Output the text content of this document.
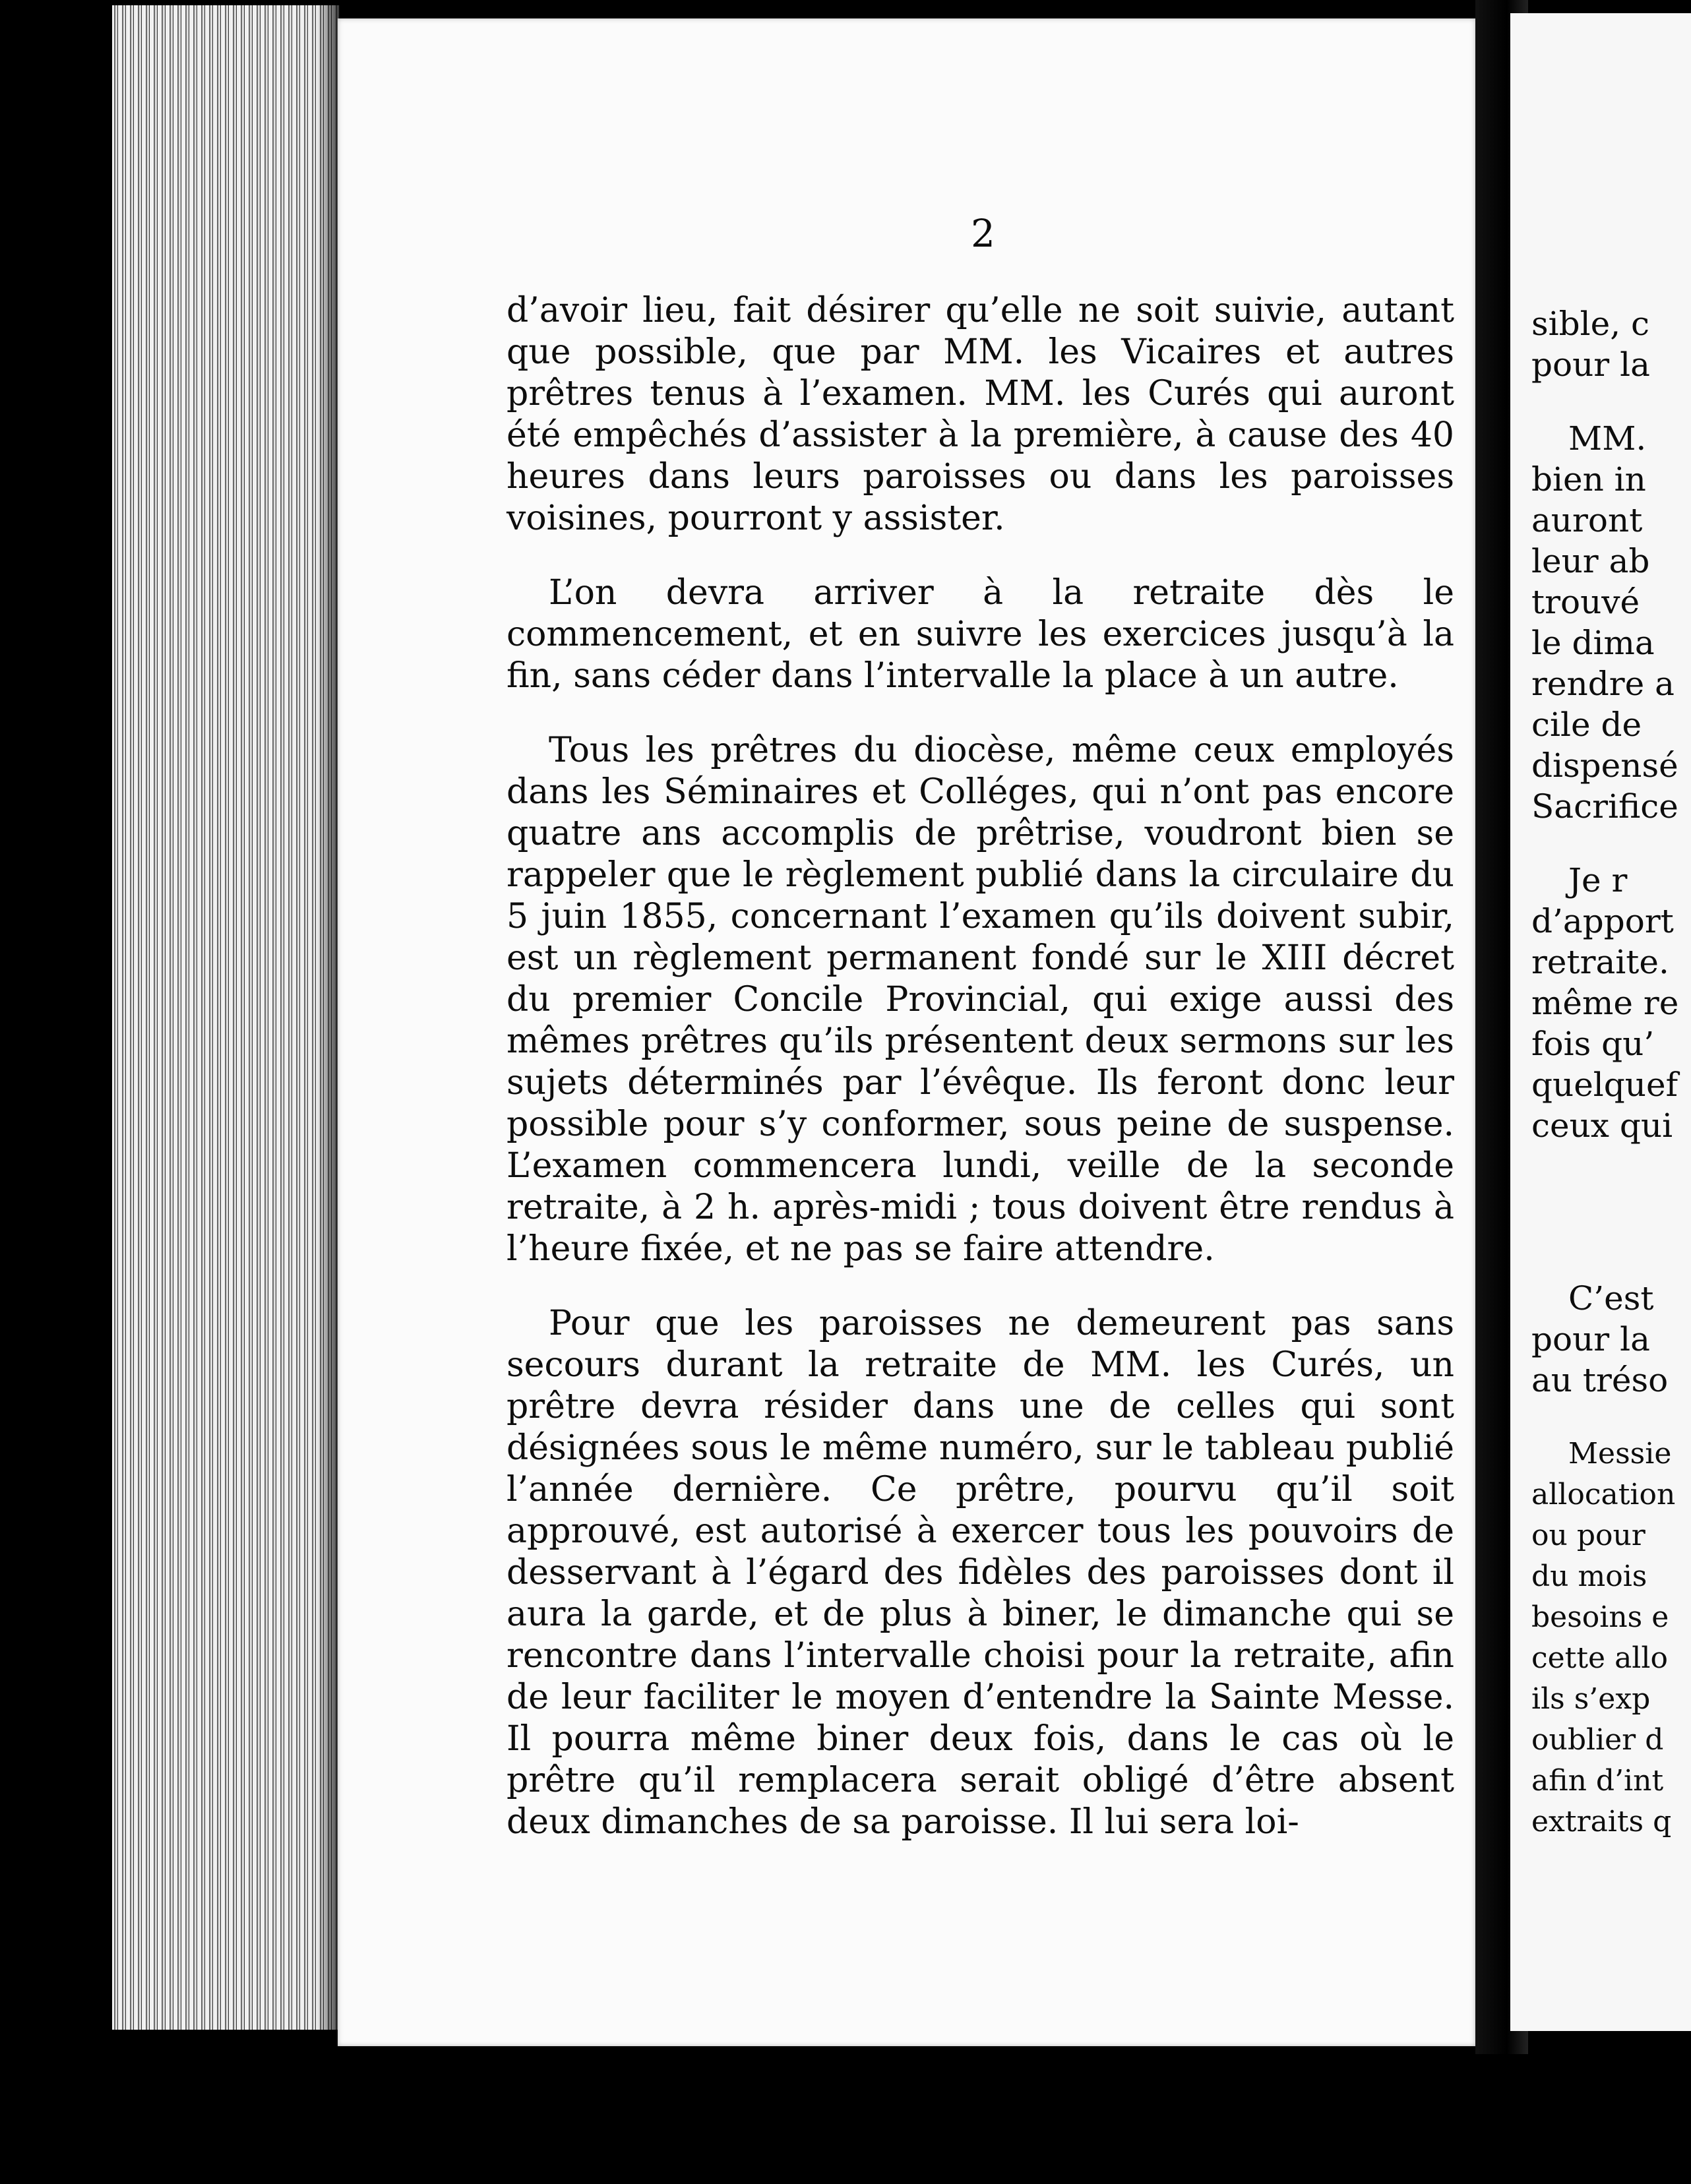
2

d’avoir lieu, fait désirer qu’elle ne soit suivie, autant que possible, que par MM. les Vicaires et autres prêtres tenus à l’examen. MM. les Curés qui auront été empêchés d’assister à la première, à cause des 40 heures dans leurs paroisses ou dans les paroisses voisines, pourront y assister.

L’on devra arriver à la retraite dès le commencement, et en suivre les exercices jusqu’à la fin, sans céder dans l’intervalle la place à un autre.

Tous les prêtres du diocèse, même ceux employés dans les Séminaires et Colléges, qui n’ont pas encore quatre ans accomplis de prêtrise, voudront bien se rappeler que le règlement publié dans la circulaire du 5 juin 1855, concernant l’examen qu’ils doivent subir, est un règlement permanent fondé sur le XIII décret du premier Concile Provincial, qui exige aussi des mêmes prêtres qu’ils présentent deux sermons sur les sujets déterminés par l’évêque. Ils feront donc leur possible pour s’y conformer, sous peine de suspense. L’examen commencera lundi, veille de la seconde retraite, à 2 h. après-midi ; tous doivent être rendus à l’heure fixée, et ne pas se faire attendre.

Pour que les paroisses ne demeurent pas sans secours durant la retraite de MM. les Curés, un prêtre devra résider dans une de celles qui sont désignées sous le même numéro, sur le tableau publié l’année dernière. Ce prêtre, pourvu qu’il soit approuvé, est autorisé à exercer tous les pouvoirs de desservant à l’égard des fidèles des paroisses dont il aura la garde, et de plus à biner, le dimanche qui se rencontre dans l’intervalle choisi pour la retraite, afin de leur faciliter le moyen d’entendre la Sainte Messe. Il pourra même biner deux fois, dans le cas où le prêtre qu’il remplacera serait obligé d’être absent deux dimanches de sa paroisse. Il lui sera loi-

sible, c
pour la
MM.
bien in
auront
leur ab
trouvé
le dima
rendre a
cile de
dispensé
Sacrifice
Je r
d’apport
retraite.
même re
fois qu’
quelquef
ceux qui
C’est
pour la
au tréso
Messie
allocation
ou pour
du mois
besoins e
cette allo
ils s’exp
oublier d
afin d’int
extraits q
